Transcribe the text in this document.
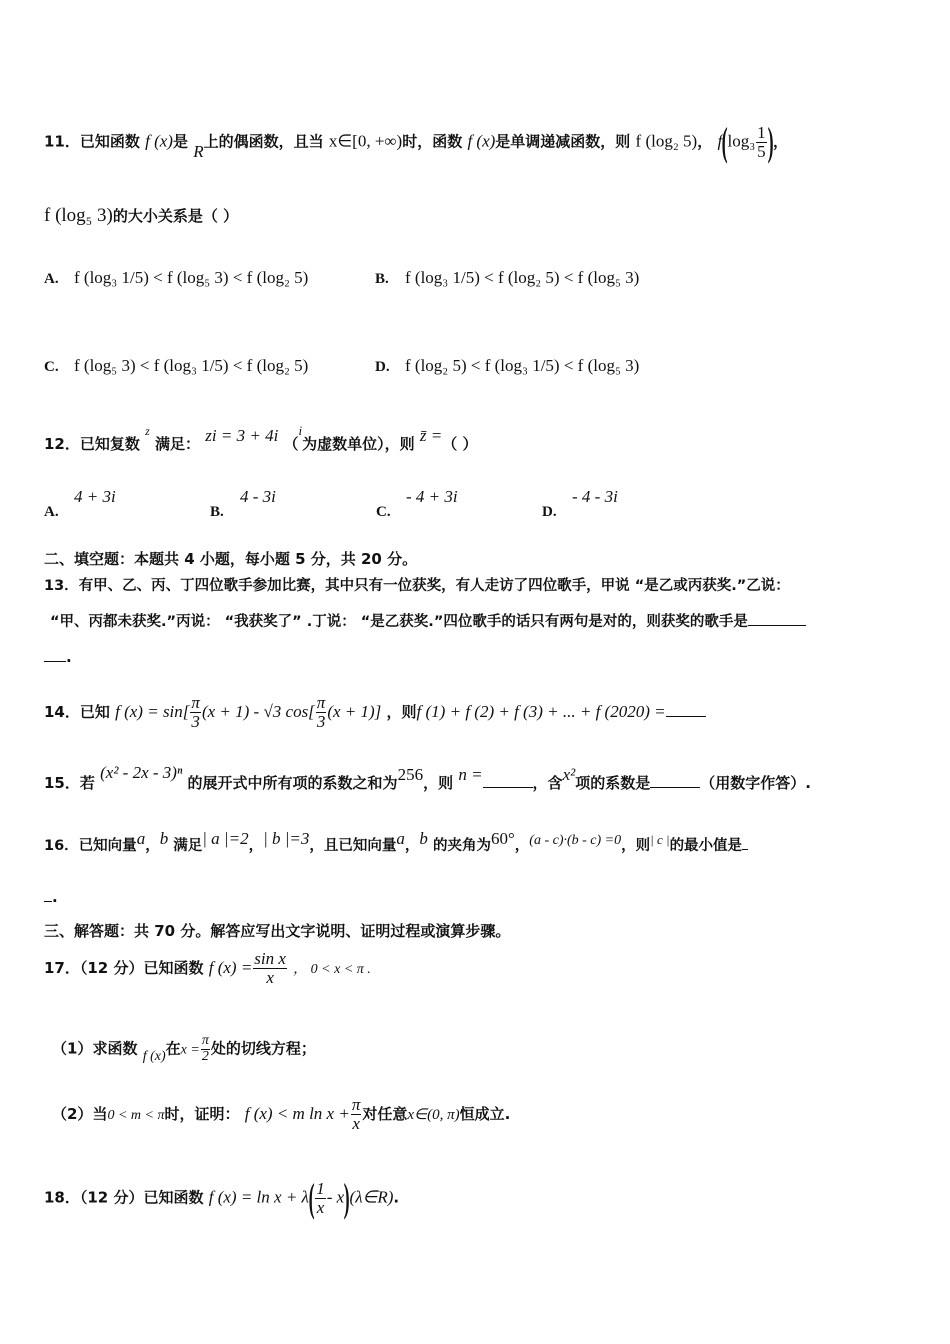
11．已知函数 f (x)是 R上的偶函数，且当 x∈[0, +∞)时，函数 f (x)是单调递减函数，则 f (log₂ 5)， $f(\log_3 \frac{1}{5}$ )，
f (log₅ 3)的大小关系是（ ）
A. f (log₃ 1/5) < f (log₅ 3) < f (log₂ 5)	B. f (log₃ 1/5) < f (log₂ 5) < f (log₅ 3)
C. f (log₅ 3) < f (log₃ 1/5) < f (log₂ 5)	D. f (log₂ 5) < f (log₃ 1/5) < f (log₅ 3)
12．已知复数 $^z$ 满足： zi = 3 + 4i （i为虚数单位），则 z̄ =（ ）
A.4 + 3i
B.4 - 3i
C.- 4 + 3i
D.- 4 - 3i
二、填空题：本题共 4 小题，每小题 5 分，共 20 分。
13．有甲、乙、丙、丁四位歌手参加比赛，其中只有一位获奖，有人走访了四位歌手，甲说 “是乙或丙获奖.”乙说：
“甲、丙都未获奖.”丙说： “我获奖了” .丁说： “是乙获奖.”四位歌手的话只有两句是对的，则获奖的歌手是
.
14．已知 f $(x) = \sin[ \frac{\pi}{3} (x + 1) - √3$ $\cos[ \frac{\pi}{3} (x + 1)]$ ，则f (1) + f (2) + f (3) + ... + f (2020) =
15．若 (x² - 2x - 3)ⁿ 的展开式中所有项的系数之和为256，则 n =	，含x²项的系数是	（用数字作答）.
16．已知向量a，b 满足| a |=2，| b |=3，且已知向量a，b 的夹角为60°，(a - c)·(b - c) =0，则| c |的最小值是
.
三、解答题：共 70 分。解答应写出文字说明、证明过程或演算步骤。
17．（12 分）已知函数 f $(x) = \frac{\text{sin x}}{x}$ ， 0 < x < π .
（1）求函数 f (x)在$x = \frac{\pi}{2}$ 处的切线方程；
（2）当0 < m < π时，证明： f (x) < m $\ln x + \frac{\pi}{x}$ 对任意x∈(0, π)恒成立.
18．（12 分）已知函数 f $(x) = \ln x + \lambda( \frac{1}{x}$ - x)(λ∈R).
